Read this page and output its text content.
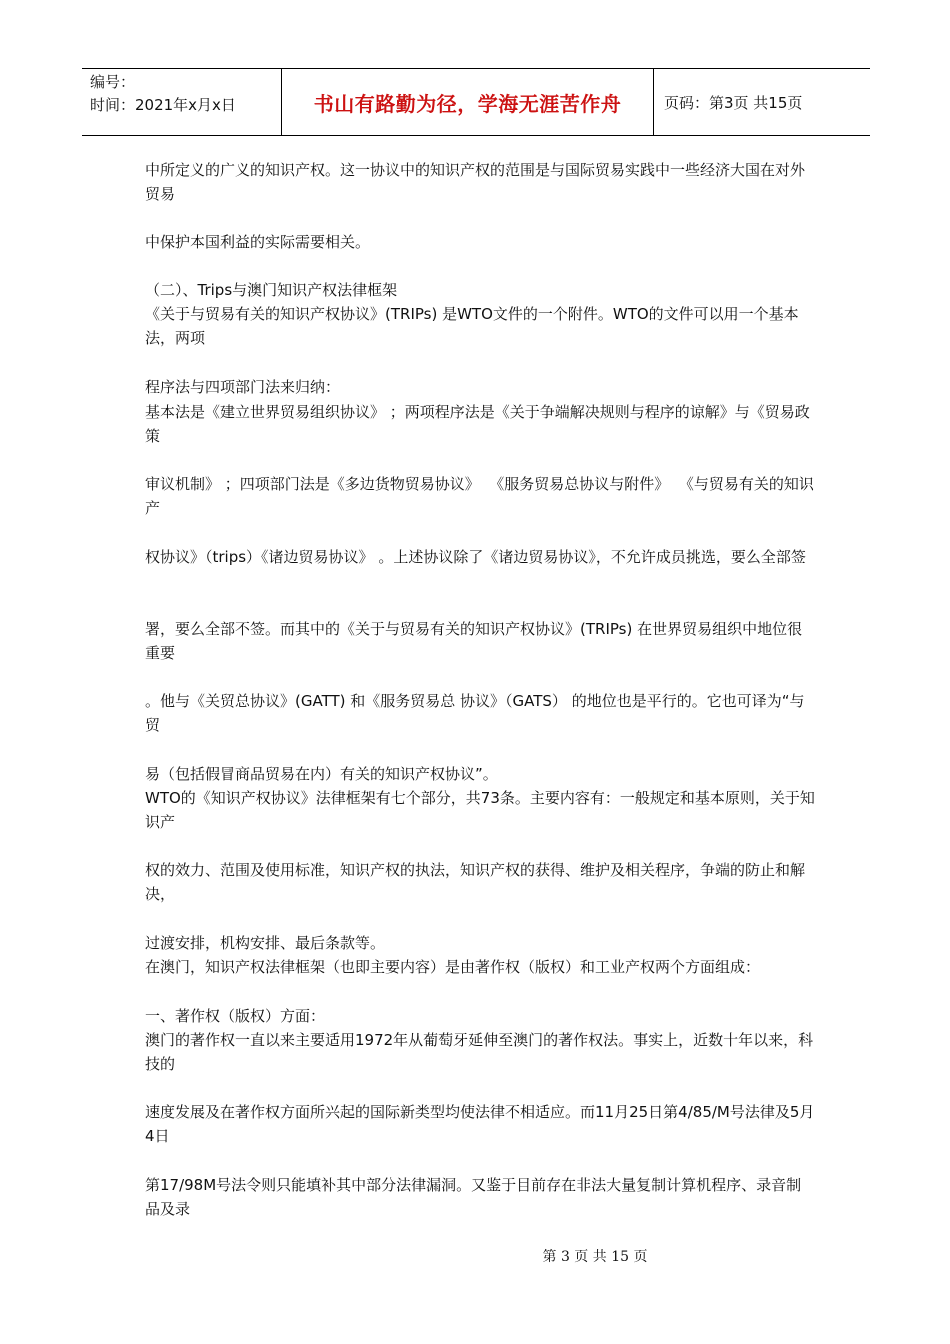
编号：
时间：2021年x月x日	书山有路勤为径，学海无涯苦作舟	页码：第3页 共15页
中所定义的广义的知识产权。这一协议中的知识产权的范围是与国际贸易实践中一些经济大国在对外贸易
中保护本国利益的实际需要相关。
（二）、Trips与澳门知识产权法律框架
《关于与贸易有关的知识产权协议》(TRIPs) 是WTO文件的一个附件。WTO的文件可以用一个基本法，两项
程序法与四项部门法来归纳：
基本法是《建立世界贸易组织协议》 ；两项程序法是《关于争端解决规则与程序的谅解》与《贸易政策
审议机制》 ；四项部门法是《多边货物贸易协议》  《服务贸易总协议与附件》  《与贸易有关的知识产
权协议》（trips）《诸边贸易协议》 。上述协议除了《诸边贸易协议》，不允许成员挑选，要么全部签
署，要么全部不签。而其中的《关于与贸易有关的知识产权协议》(TRIPs) 在世界贸易组织中地位很重要
。他与《关贸总协议》(GATT) 和《服务贸易总 协议》（GATS） 的地位也是平行的。它也可译为“与贸
易（包括假冒商品贸易在内）有关的知识产权协议”。
WTO的《知识产权协议》法律框架有七个部分，共73条。主要内容有：一般规定和基本原则，关于知识产
权的效力、范围及使用标准，知识产权的执法，知识产权的获得、维护及相关程序，争端的防止和解决，
过渡安排，机构安排、最后条款等。
在澳门，知识产权法律框架（也即主要内容）是由著作权（版权）和工业产权两个方面组成：
一、著作权（版权）方面：
澳门的著作权一直以来主要适用1972年从葡萄牙延伸至澳门的著作权法。事实上，近数十年以来，科技的
速度发展及在著作权方面所兴起的国际新类型均使法律不相适应。而11月25日第4/85/M号法律及5月4日
第17/98M号法令则只能填补其中部分法律漏洞。又鉴于目前存在非法大量复制计算机程序、录音制品及录
第 3 页 共 15 页
